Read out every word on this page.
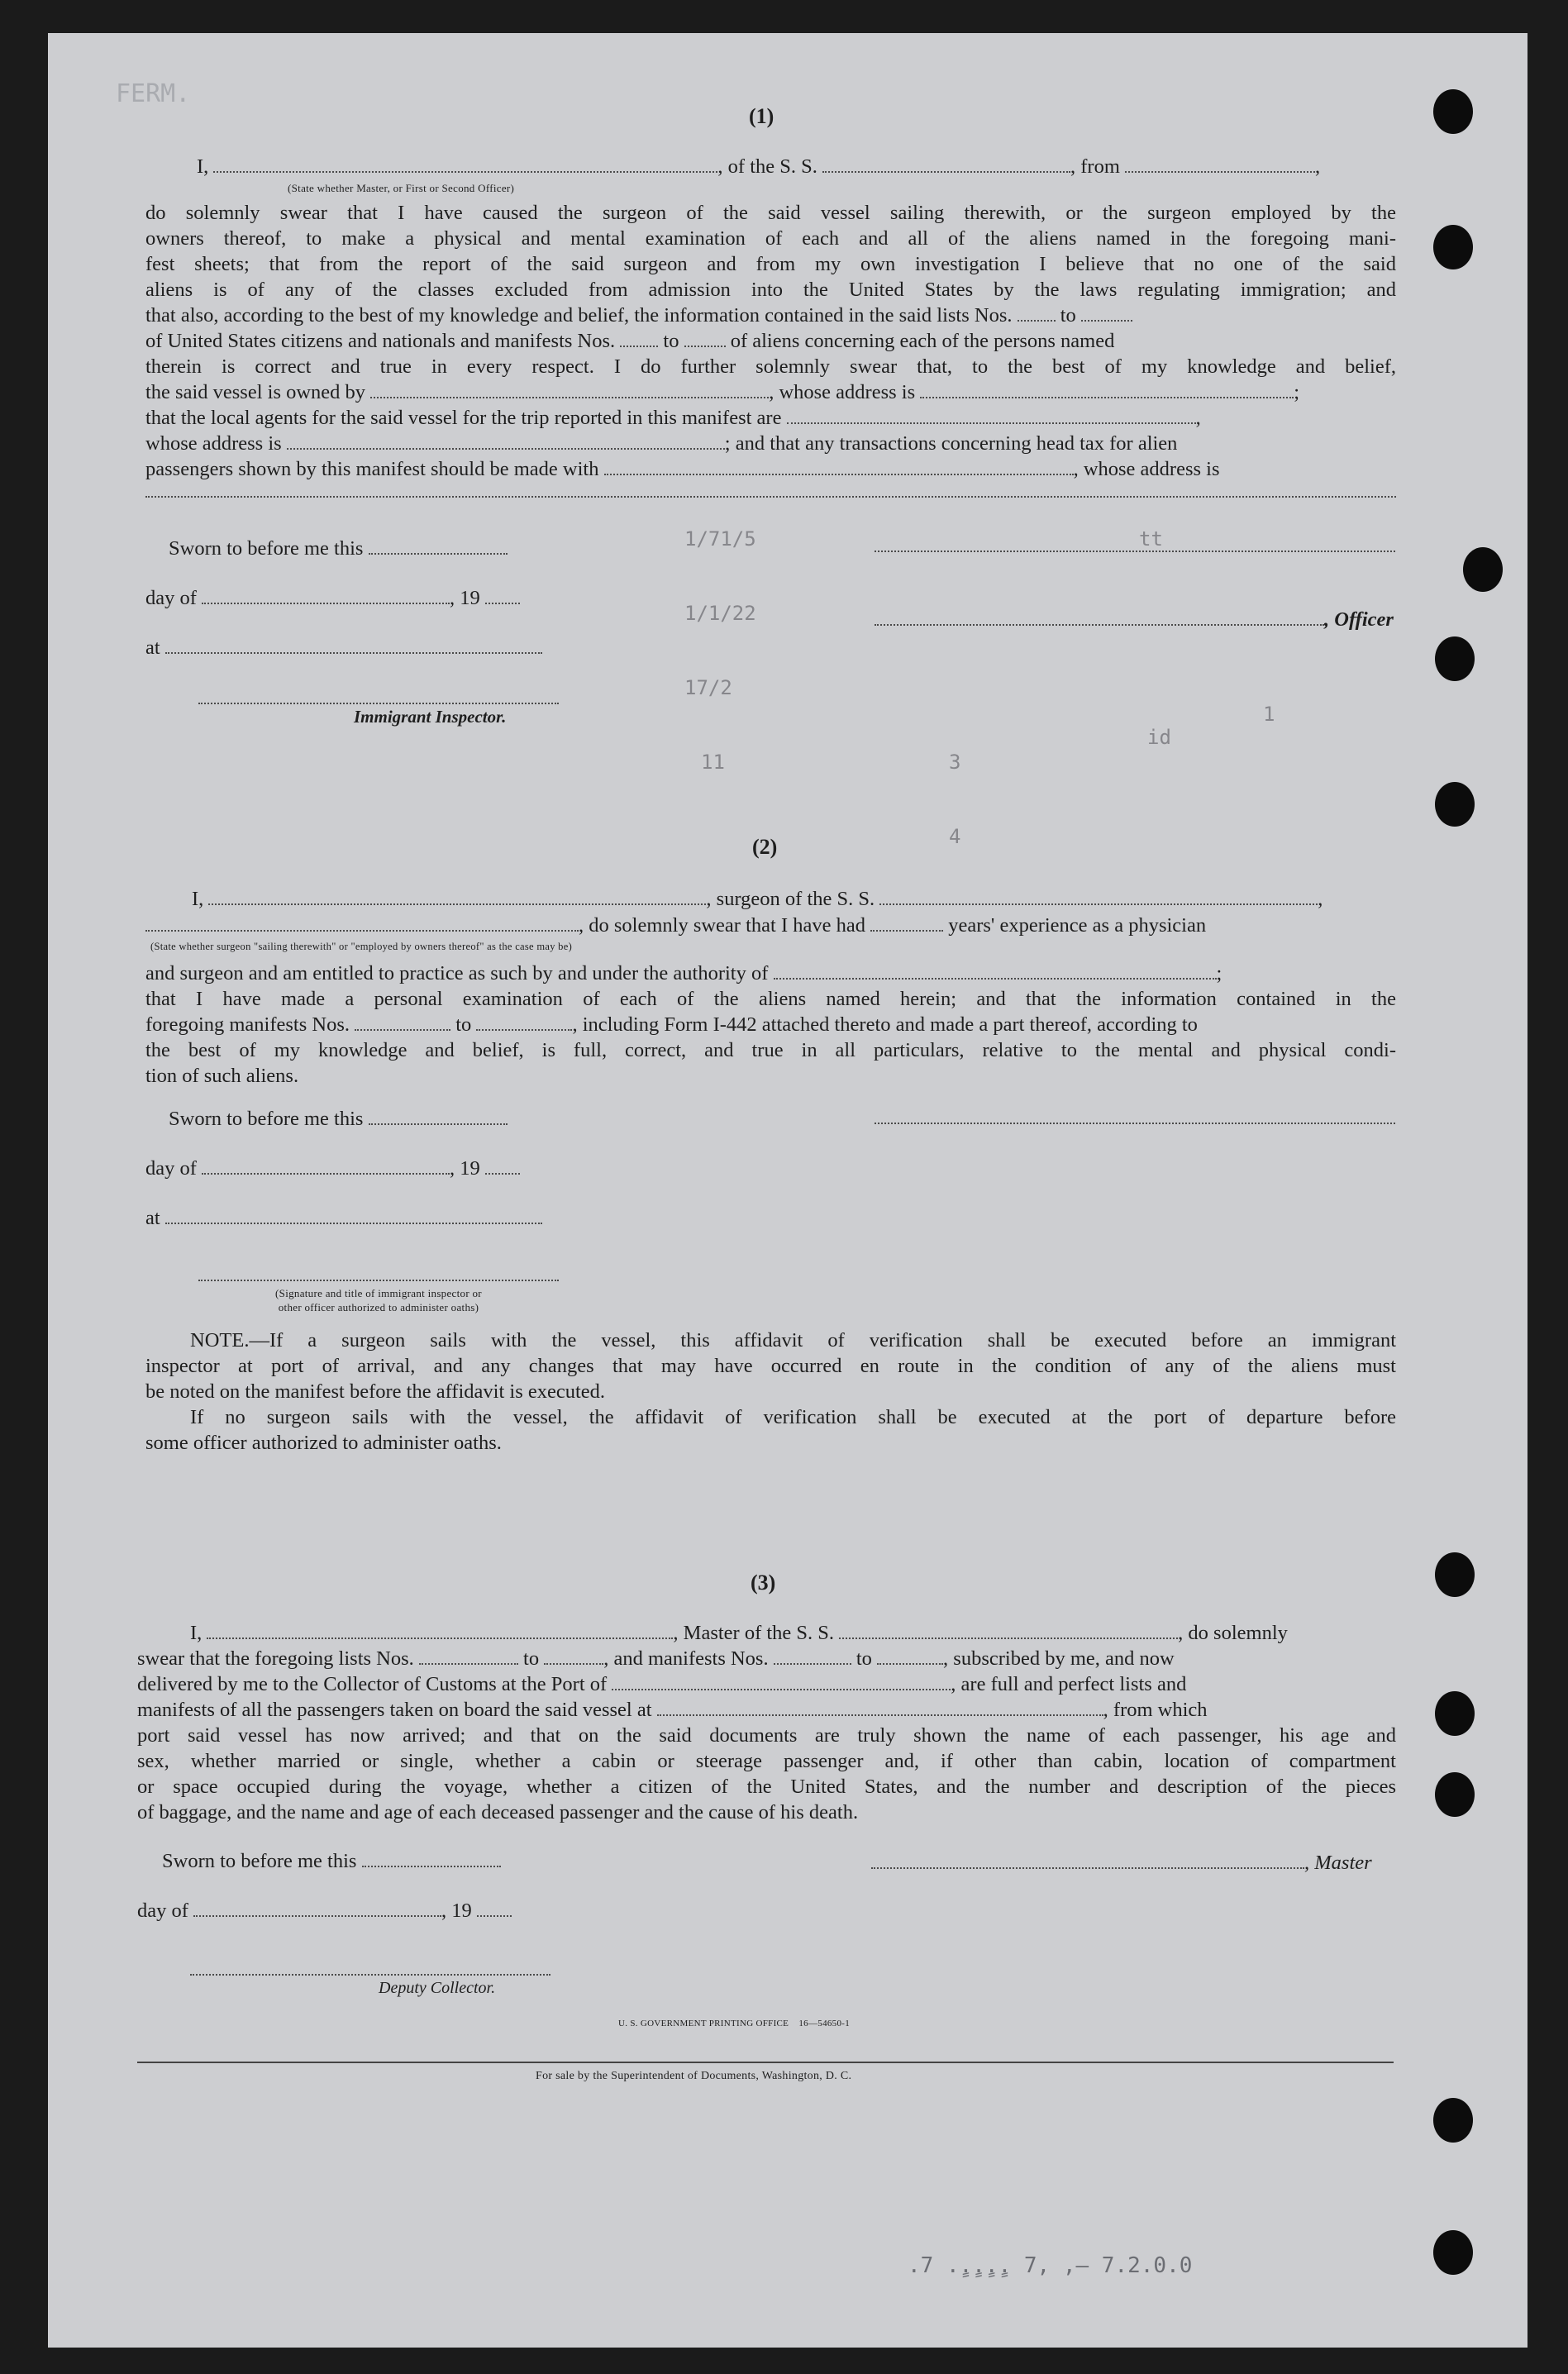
FERM.
1/71/5
1/1/22
17/2
11	3
4
1
id
tt
(1)
I,	, of the S. S.	, from	,
(State whether Master, or First or Second Officer)
do solemnly swear that I have caused the surgeon of the said vessel sailing therewith, or the surgeon employed by the
owners thereof, to make a physical and mental examination of each and all of the aliens named in the foregoing mani-
fest sheets; that from the report of the said surgeon and from my own investigation I believe that no one of the said
aliens is of any of the classes excluded from admission into the United States by the laws regulating immigration; and
that also, according to the best of my knowledge and belief, the information contained in the said lists Nos. to
of United States citizens and nationals and manifests Nos. to	of aliens concerning each of the persons named
therein is correct and true in every respect. I do further solemnly swear that, to the best of my knowledge and belief,
the said vessel is owned by	, whose address is	;
that the local agents for the said vessel for the trip reported in this manifest are	,
whose address is	; and that any transactions concerning head tax for alien
passengers shown by this manifest should be made with	, whose address is
Sworn to before me this
day of	, 19
at
Immigrant Inspector.
, Officer
(2)
I,	, surgeon of the S. S.	,
, do solemnly swear that I have had	years' experience as a physician
(State whether surgeon "sailing therewith" or "employed by owners thereof" as the case may be)
and surgeon and am entitled to practice as such by and under the authority of	;
that I have made a personal examination of each of the aliens named herein; and that the information contained in the
foregoing manifests Nos.	to	, including Form I-442 attached thereto and made a part thereof, according to
the best of my knowledge and belief, is full, correct, and true in all particulars, relative to the mental and physical condi-
tion of such aliens.
Sworn to before me this
day of	, 19
at
(Signature and title of immigrant inspector or
other officer authorized to administer oaths)
NOTE.—If a surgeon sails with the vessel, this affidavit of verification shall be executed before an immigrant
inspector at port of arrival, and any changes that may have occurred en route in the condition of any of the aliens must
be noted on the manifest before the affidavit is executed.
If no surgeon sails with the vessel, the affidavit of verification shall be executed at the port of departure before
some officer authorized to administer oaths.
(3)
I,	, Master of the S. S.	, do solemnly
swear that the foregoing lists Nos.	to	, and manifests Nos.	to	, subscribed by me, and now
delivered by me to the Collector of Customs at the Port of	, are full and perfect lists and
manifests of all the passengers taken on board the said vessel at	, from which
port said vessel has now arrived; and that on the said documents are truly shown the name of each passenger, his age and
sex, whether married or single, whether a cabin or steerage passenger and, if other than cabin, location of compartment
or space occupied during the voyage, whether a citizen of the United States, and the number and description of the pieces
of baggage, and the name and age of each deceased passenger and the cause of his death.
Sworn to before me this	, Master
day of	, 19
Deputy Collector.
U. S. GOVERNMENT PRINTING OFFICE    16—54650-1
For sale by the Superintendent of Documents, Washington, D. C.
.7 .ٍ.ٍ.ٍ.ٍ. 7, ,— 7.2.0.0
